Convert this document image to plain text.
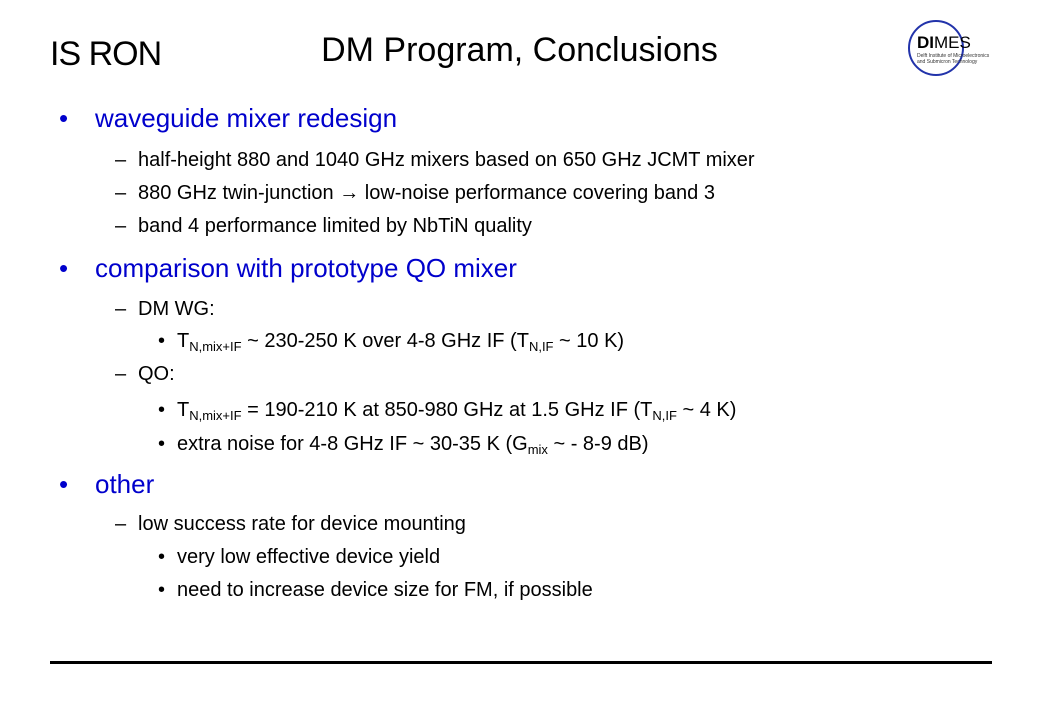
IS RON	DM Program, Conclusions	DIMES
Delft Institute of Microelectronics
and Submicron Technology
• waveguide mixer redesign
– half-height 880 and 1040 GHz mixers based on 650 GHz JCMT mixer
– 880 GHz twin-junction → low-noise performance covering band 3
– band 4 performance limited by NbTiN quality
• comparison with prototype QO mixer
– DM WG:
• $T_{N,mix+IF}$ ~ 230-250 K over 4-8 GHz IF ($T_{N,IF}$ ~ 10 K)
– QO:
• $T_{N,mix+IF} = 190-210$ K at 850-980 GHz at 1.5 GHz IF ($T_{N,IF}$ ~ 4 K)
• extra noise for 4-8 GHz IF ~ 30-35 K ($G_{mix}$ ~ - 8-9 dB)
• other
– low success rate for device mounting
• very low effective device yield
• need to increase device size for FM, if possible
